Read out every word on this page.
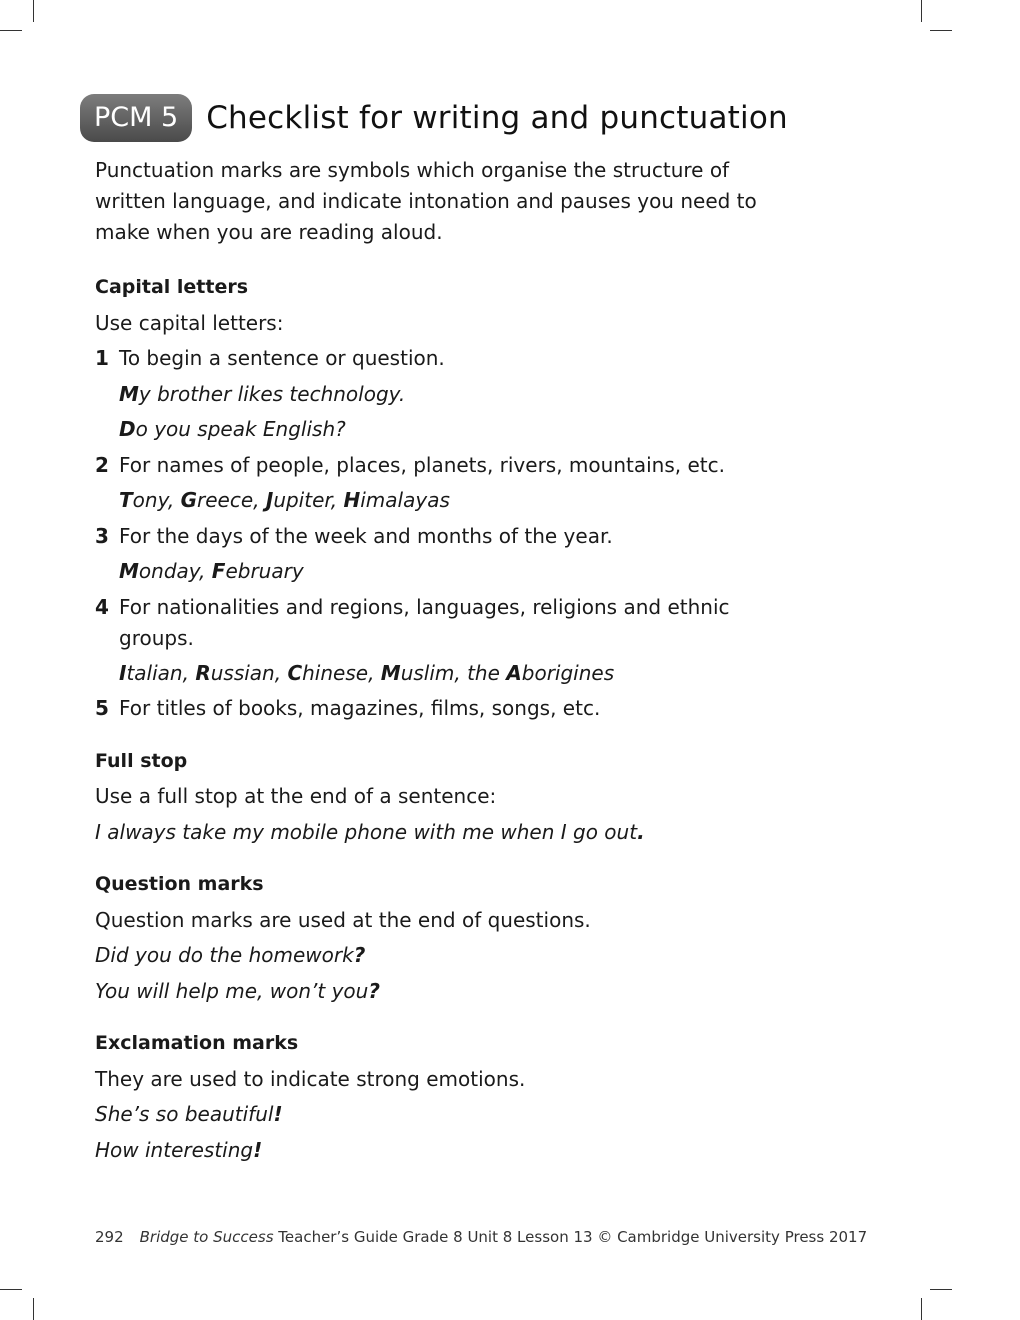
PCM 5 Checklist for writing and punctuation

Punctuation marks are symbols which organise the structure of written language, and indicate intonation and pauses you need to make when you are reading aloud.

Capital letters

Use capital letters:

1 To begin a sentence or question.

My brother likes technology.

Do you speak English?

2 For names of people, places, planets, rivers, mountains, etc.

Tony, Greece, Jupiter, Himalayas

3 For the days of the week and months of the year.

Monday, February

4 For nationalities and regions, languages, religions and ethnic groups.

Italian, Russian, Chinese, Muslim, the Aborigines

5 For titles of books, magazines, films, songs, etc.

Full stop

Use a full stop at the end of a sentence:

I always take my mobile phone with me when I go out.

Question marks

Question marks are used at the end of questions.

Did you do the homework?

You will help me, won’t you?

Exclamation marks

They are used to indicate strong emotions.

She’s so beautiful!

How interesting!

292 Bridge to Success Teacher’s Guide Grade 8 Unit 8 Lesson 13 © Cambridge University Press 2017
